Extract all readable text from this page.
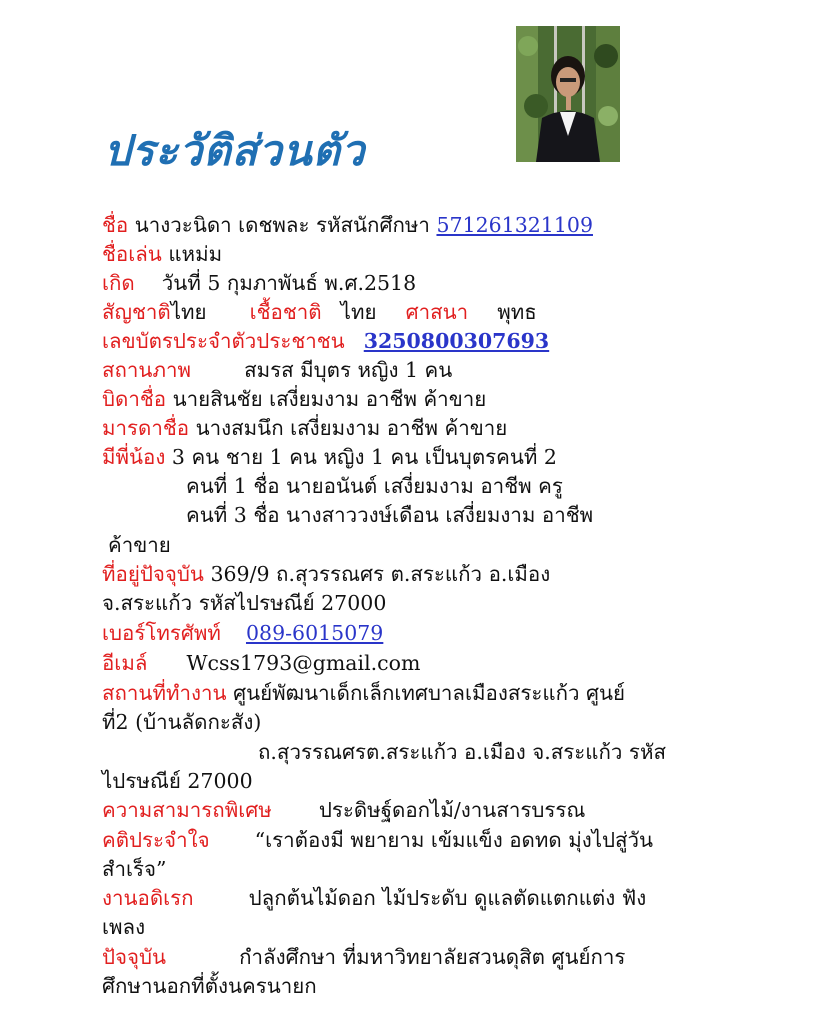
ประวัติส่วนตัว
ชื่อ นางวะนิดา เดชพละ รหัสนักศึกษา 571261321109
ชื่อเล่น แหม่ม
เกิด วันที่ 5 กุมภาพันธ์ พ.ศ.2518
สัญชาติไทย เชื้อชาติ ไทย ศาสนา พุทธ
เลขบัตรประจำตัวประชาชน 3250800307693
สถานภาพ	สมรส มีบุตร หญิง 1 คน
บิดาชื่อ นายสินชัย เสงี่ยมงาม อาชีพ ค้าขาย
มารดาชื่อ นางสมนึก เสงี่ยมงาม อาชีพ ค้าขาย
มีพี่น้อง 3 คน ชาย 1 คน หญิง 1 คน เป็นบุตรคนที่ 2
คนที่ 1 ชื่อ นายอนันต์ เสงี่ยมงาม อาชีพ ครู
คนที่ 3 ชื่อ นางสาววงษ์เดือน เสงี่ยมงาม อาชีพ
ค้าขาย
ที่อยู่ปัจจุบัน 369/9 ถ.สุวรรณศร ต.สระแก้ว อ.เมือง
จ.สระแก้ว รหัสไปรษณีย์ 27000
เบอร์โทรศัพท์ 089-6015079
อีเมล์ Wcss1793@gmail.com
สถานที่ทำงาน ศูนย์พัฒนาเด็กเล็กเทศบาลเมืองสระแก้ว ศูนย์
ที่2 (บ้านลัดกะสัง)
ถ.สุวรรณศรต.สระแก้ว อ.เมือง จ.สระแก้ว รหัส
ไปรษณีย์ 27000
ความสามารถพิเศษ ประดิษฐ์ดอกไม้/งานสารบรรณ
คติประจำใจ “เราต้องมี พยายาม เข้มแข็ง อดทด มุ่งไปสู่วัน
สำเร็จ”
งานอดิเรก	ปลูกต้นไม้ดอก ไม้ประดับ ดูแลตัดแตกแต่ง ฟัง
เพลง
ปัจจุบัน	กำลังศึกษา ที่มหาวิทยาลัยสวนดุสิต ศูนย์การ
ศึกษานอกที่ตั้งนครนายก
